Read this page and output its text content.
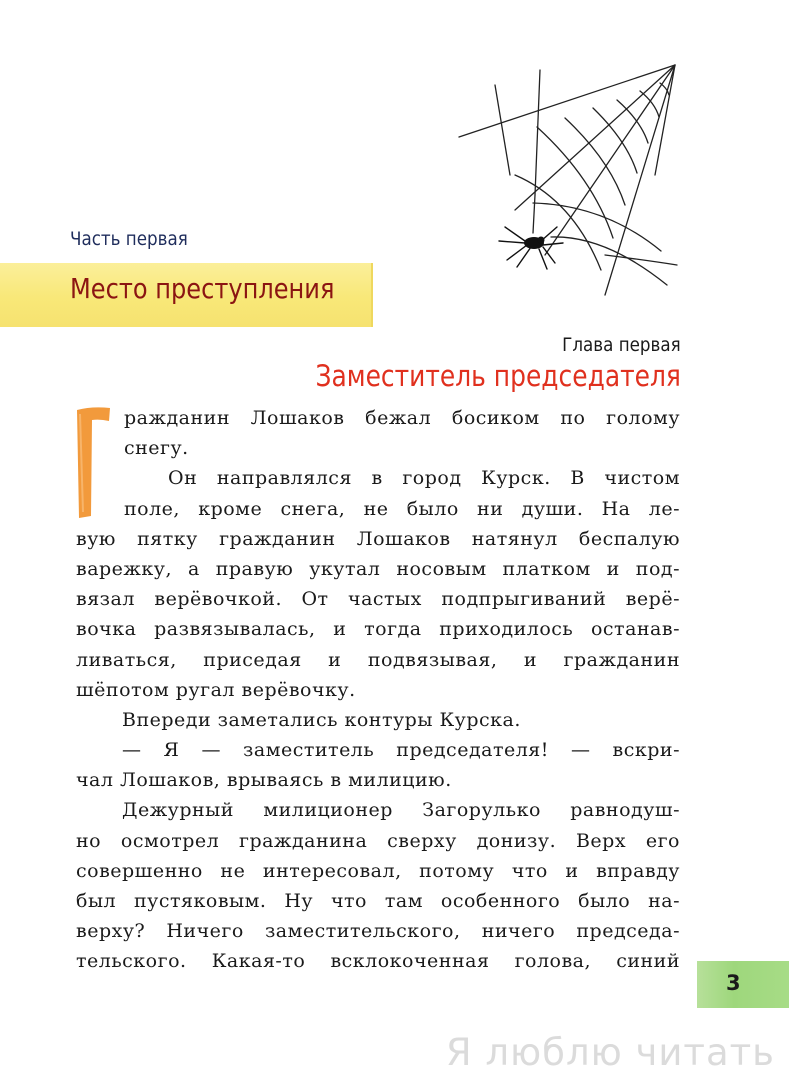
Часть первая
Место преступления
Глава первая
Заместитель председателя
ражданин Лошаков бежал босиком по голому
снегу.
Он направлялся в город Курск. В чистом
поле, кроме снега, не было ни души. На ле-
вую пятку гражданин Лошаков натянул беспалую
варежку, а правую укутал носовым платком и под-
вязал верёвочкой. От частых подпрыгиваний верё-
вочка развязывалась, и тогда приходилось останав-
ливаться, приседая и подвязывая, и гражданин
шёпотом ругал верёвочку.
Впереди заметались контуры Курска.
— Я — заместитель председателя! — вскри-
чал Лошаков, врываясь в милицию.
Дежурный милиционер Загорулько равнодуш-
но осмотрел гражданина сверху донизу. Верх его
совершенно не интересовал, потому что и вправду
был пустяковым. Ну что там особенного было на-
верху? Ничего заместительского, ничего председа-
тельского. Какая-то всклокоченная голова, синий
3
Я люблю читать
